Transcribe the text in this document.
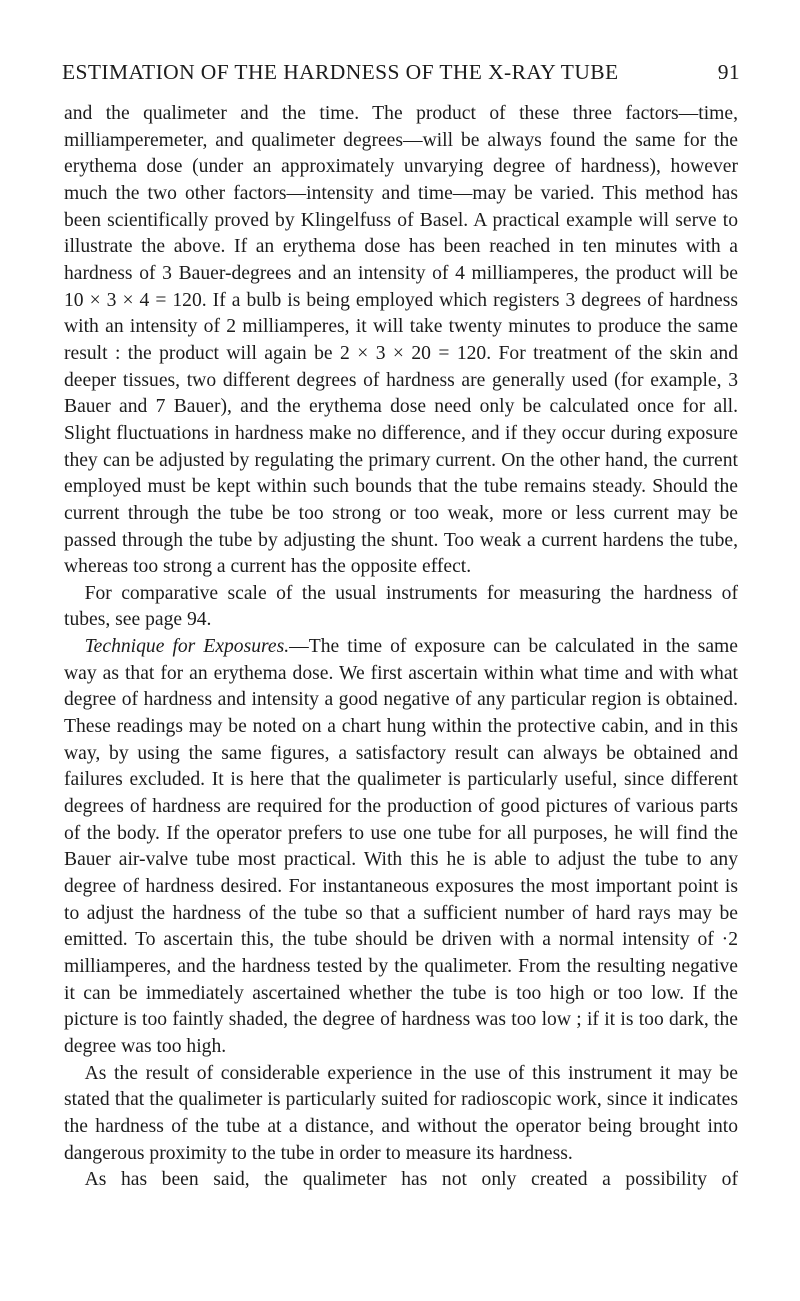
ESTIMATION OF THE HARDNESS OF THE X-RAY TUBE	91

and the qualimeter and the time. The product of these three factors—time, milliamperemeter, and qualimeter degrees—will be always found the same for the erythema dose (under an approximately unvarying degree of hardness), however much the two other factors—intensity and time—may be varied. This method has been scientifically proved by Klingelfuss of Basel. A practical example will serve to illustrate the above. If an erythema dose has been reached in ten minutes with a hardness of 3 Bauer-degrees and an intensity of 4 milliamperes, the product will be 10 × 3 × 4 = 120. If a bulb is being employed which registers 3 degrees of hardness with an intensity of 2 milliamperes, it will take twenty minutes to produce the same result : the product will again be 2 × 3 × 20 = 120. For treatment of the skin and deeper tissues, two different degrees of hardness are generally used (for example, 3 Bauer and 7 Bauer), and the erythema dose need only be calculated once for all. Slight fluctuations in hardness make no difference, and if they occur during exposure they can be adjusted by regulating the primary current. On the other hand, the current employed must be kept within such bounds that the tube remains steady. Should the current through the tube be too strong or too weak, more or less current may be passed through the tube by adjusting the shunt. Too weak a current hardens the tube, whereas too strong a current has the opposite effect.

For comparative scale of the usual instruments for measuring the hardness of tubes, see page 94.

Technique for Exposures.—The time of exposure can be calculated in the same way as that for an erythema dose. We first ascertain within what time and with what degree of hardness and intensity a good negative of any particular region is obtained. These readings may be noted on a chart hung within the protective cabin, and in this way, by using the same figures, a satisfactory result can always be obtained and failures excluded. It is here that the qualimeter is particularly useful, since different degrees of hardness are required for the production of good pictures of various parts of the body. If the operator prefers to use one tube for all purposes, he will find the Bauer air-valve tube most practical. With this he is able to adjust the tube to any degree of hardness desired. For instantaneous exposures the most important point is to adjust the hardness of the tube so that a sufficient number of hard rays may be emitted. To ascertain this, the tube should be driven with a normal intensity of ·2 milliamperes, and the hardness tested by the qualimeter. From the resulting negative it can be immediately ascertained whether the tube is too high or too low. If the picture is too faintly shaded, the degree of hardness was too low ; if it is too dark, the degree was too high.

As the result of considerable experience in the use of this instrument it may be stated that the qualimeter is particularly suited for radioscopic work, since it indicates the hardness of the tube at a distance, and without the operator being brought into dangerous proximity to the tube in order to measure its hardness.

As has been said, the qualimeter has not only created a possibility of
